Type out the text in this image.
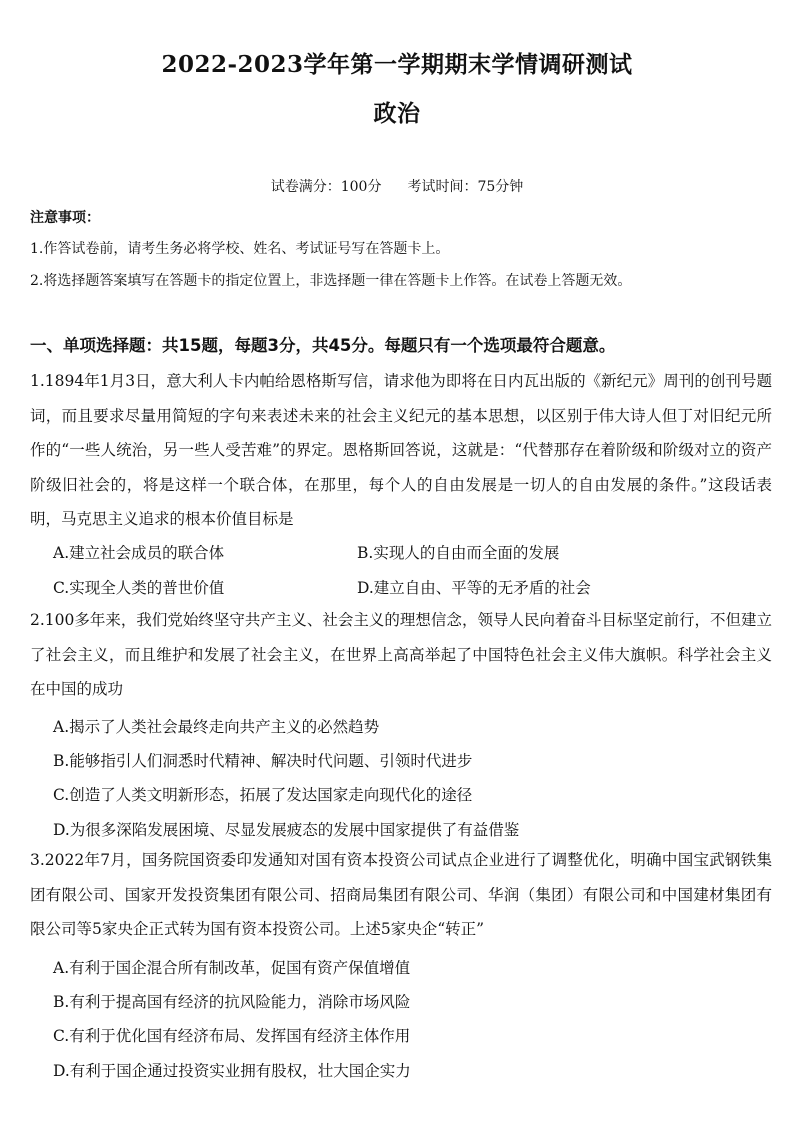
2022-2023学年第一学期期末学情调研测试
政治
试卷满分：100分 考试时间：75分钟
注意事项：
1.作答试卷前，请考生务必将学校、姓名、考试证号写在答题卡上。
2.将选择题答案填写在答题卡的指定位置上，非选择题一律在答题卡上作答。在试卷上答题无效。
一、单项选择题：共15题，每题3分，共45分。每题只有一个选项最符合题意。
1.1894年1月3日，意大利人卡内帕给恩格斯写信，请求他为即将在日内瓦出版的《新纪元》周刊的创刊号题词，而且要求尽量用简短的字句来表述未来的社会主义纪元的基本思想，以区别于伟大诗人但丁对旧纪元所作的“一些人统治，另一些人受苦难”的界定。恩格斯回答说，这就是：“代替那存在着阶级和阶级对立的资产阶级旧社会的，将是这样一个联合体，在那里，每个人的自由发展是一切人的自由发展的条件。”这段话表明，马克思主义追求的根本价值目标是
A.建立社会成员的联合体	B.实现人的自由而全面的发展
C.实现全人类的普世价值	D.建立自由、平等的无矛盾的社会
2.100多年来，我们党始终坚守共产主义、社会主义的理想信念，领导人民向着奋斗目标坚定前行，不但建立了社会主义，而且维护和发展了社会主义，在世界上高高举起了中国特色社会主义伟大旗帜。科学社会主义在中国的成功
A.揭示了人类社会最终走向共产主义的必然趋势
B.能够指引人们洞悉时代精神、解决时代问题、引领时代进步
C.创造了人类文明新形态，拓展了发达国家走向现代化的途径
D.为很多深陷发展困境、尽显发展疲态的发展中国家提供了有益借鉴
3.2022年7月，国务院国资委印发通知对国有资本投资公司试点企业进行了调整优化，明确中国宝武钢铁集团有限公司、国家开发投资集团有限公司、招商局集团有限公司、华润（集团）有限公司和中国建材集团有限公司等5家央企正式转为国有资本投资公司。上述5家央企“转正”
A.有利于国企混合所有制改革，促国有资产保值增值
B.有利于提高国有经济的抗风险能力，消除市场风险
C.有利于优化国有经济布局、发挥国有经济主体作用
D.有利于国企通过投资实业拥有股权，壮大国企实力
